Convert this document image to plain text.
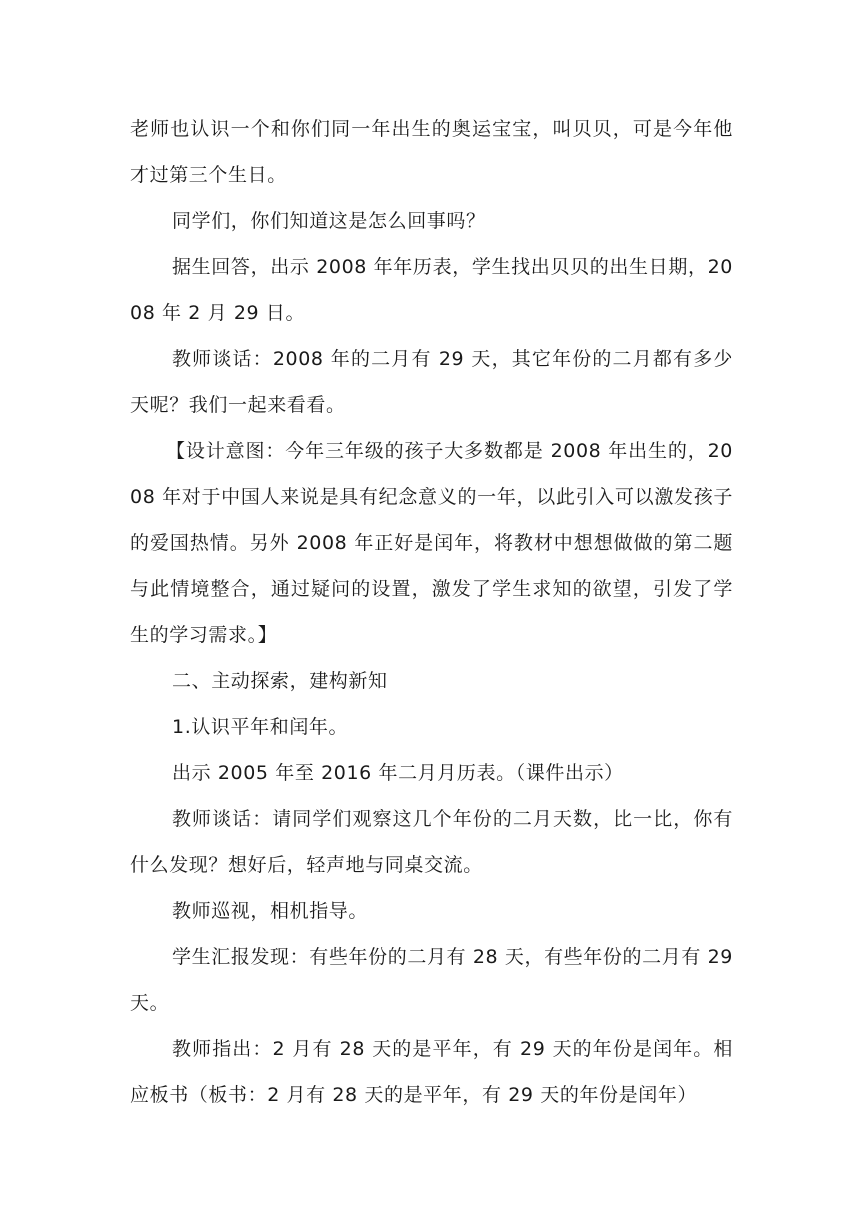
老师也认识一个和你们同一年出生的奥运宝宝，叫贝贝，可是今年他才过第三个生日。

同学们，你们知道这是怎么回事吗？

据生回答，出示 2008 年年历表，学生找出贝贝的出生日期，2008 年 2 月 29 日。

教师谈话：2008 年的二月有 29 天，其它年份的二月都有多少天呢？我们一起来看看。

【设计意图：今年三年级的孩子大多数都是 2008 年出生的，2008 年对于中国人来说是具有纪念意义的一年，以此引入可以激发孩子的爱国热情。另外 2008 年正好是闰年，将教材中想想做做的第二题与此情境整合，通过疑问的设置，激发了学生求知的欲望，引发了学生的学习需求。】

二、主动探索，建构新知

1.认识平年和闰年。

出示 2005 年至 2016 年二月月历表。（课件出示）

教师谈话：请同学们观察这几个年份的二月天数，比一比，你有什么发现？想好后，轻声地与同桌交流。

教师巡视，相机指导。

学生汇报发现：有些年份的二月有 28 天，有些年份的二月有 29 天。

教师指出：2 月有 28 天的是平年，有 29 天的年份是闰年。相应板书（板书：2 月有 28 天的是平年，有 29 天的年份是闰年）
